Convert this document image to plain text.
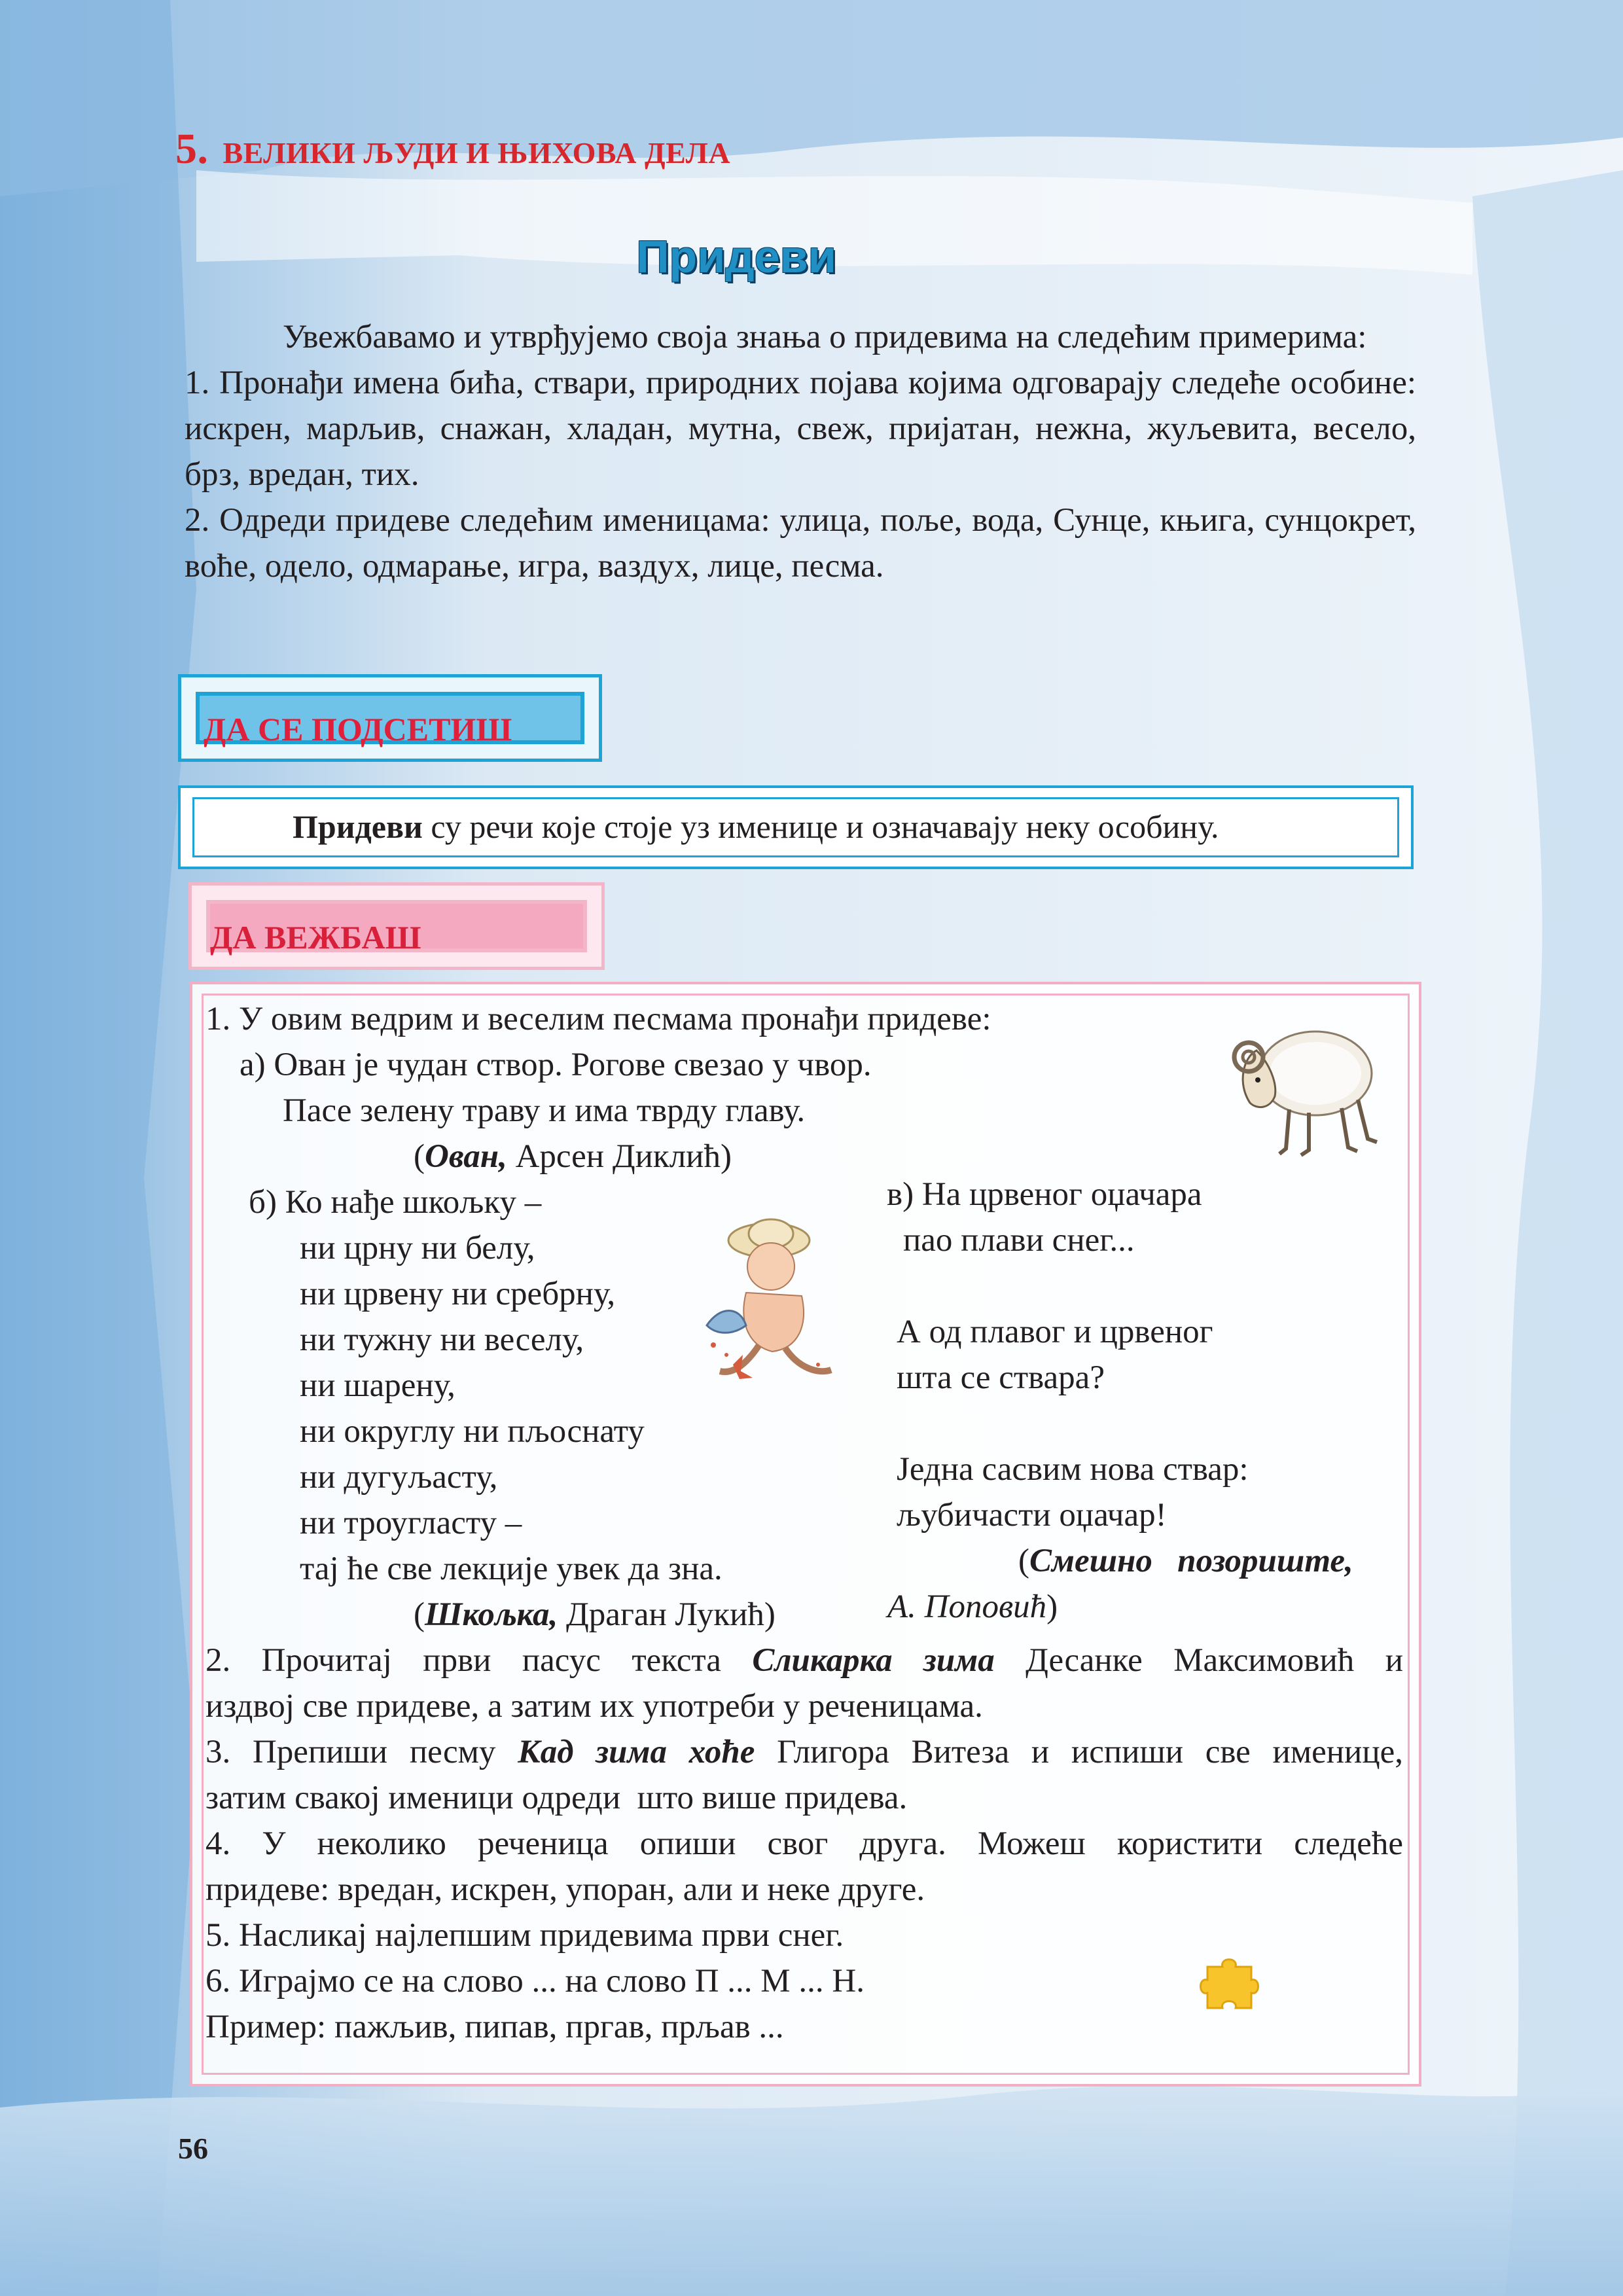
5. ВЕЛИКИ ЉУДИ И ЊИХОВА ДЕЛА
Придеви

Увежбавамо и утврђујемо своја знања о придевима на следећим примерима:

1. Пронађи имена бића, ствари, природних појава којима одговарају следеће особине: искрен, марљив, снажан, хладан, мутна, свеж, пријатан, нежна, жуљевита, весело, брз, вредан, тих.

2. Одреди придеве следећим именицама: улица, поље, вода, Сунце, књига, сунцокрет, воће, одело, одмарање, игра, ваздух, лице, песма.

ДА СЕ ПОДСЕТИШ
Придеви су речи које стоје уз именице и означавају неку особину.
ДА ВЕЖБАШ
1. У овим ведрим и веселим песмама пронађи придеве:
а) Ован је чудан створ. Рогове свезао у чвор.
Пасе зелену траву и има тврду главу.
(Ован, Арсен Диклић)
б) Ко нађе шкољку –
ни црну ни белу,
ни црвену ни сребрну,
ни тужну ни веселу,
ни шарену,
ни округлу ни пљоснату
ни дугуљасту,
ни троугласту –
тај ће све лекције увек да зна.
(Шкољка, Драган Лукић)
в) На црвеног оџачара
пао плави снег...
А од плавог и црвеног
шта се ствара?
Једна сасвим нова ствар:
љубичасти оџачар!
(Смешно   позориште,
А. Поповић)
2. Прочитај први пасус текста Сликарка зима Десанке Максимовић и
издвој све придеве, а затим их употреби у реченицама.
3. Препиши песму Кад зима хоће Глигора Витеза и испиши све именице,
затим свакој именици одреди  што више придева.
4. У неколико реченица опиши свог друга. Можеш користити следеће
придеве: вредан, искрен, упоран, али и неке друге.
5. Насликај најлепшим придевима први снег.
6. Играјмо се на слово ... на слово П ... М ... Н.
Пример: пажљив, пипав, пргав, прљав ...
56
